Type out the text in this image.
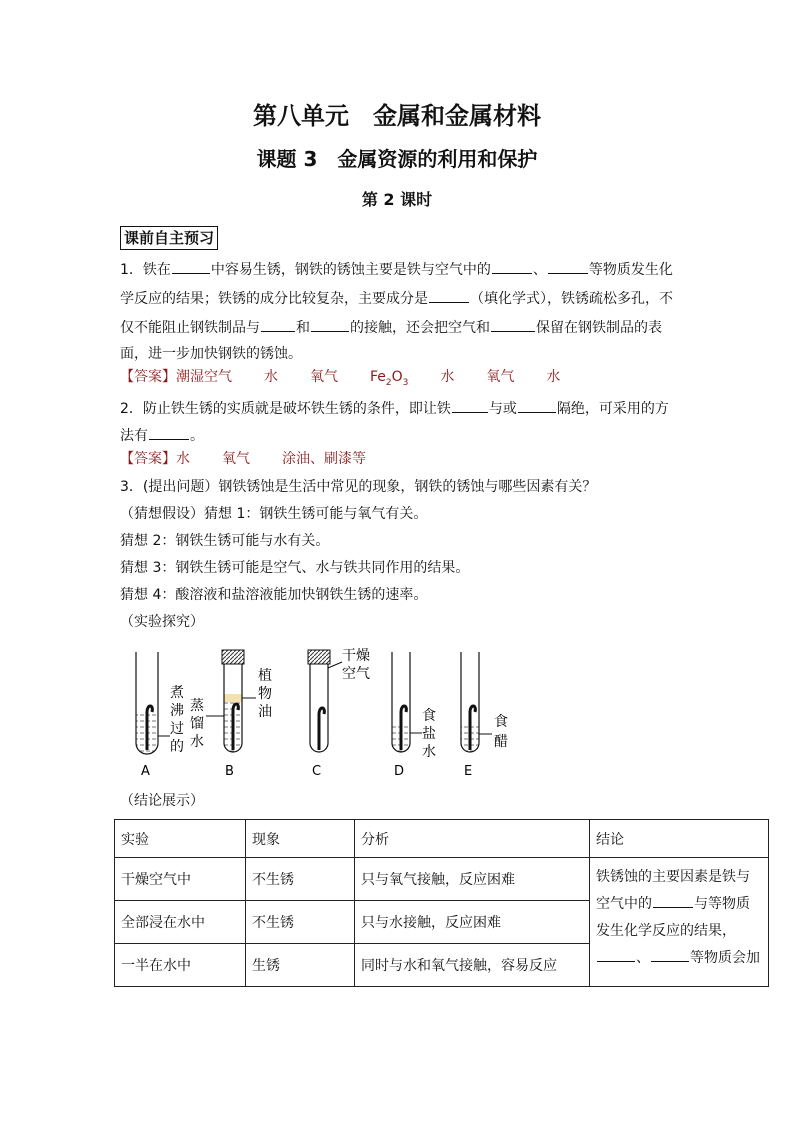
第八单元　金属和金属材料
课题 3　金属资源的利用和保护
第 2 课时
课前自主预习
1．铁在	中容易生锈，钢铁的锈蚀主要是铁与空气中的	、	等物质发生化
学反应的结果；铁锈的成分比较复杂，主要成分是	（填化学式），铁锈疏松多孔，不
仅不能阻止钢铁制品与	和	的接触，还会把空气和	保留在钢铁制品的表
面，进一步加快钢铁的锈蚀。
【答案】潮湿空气 水 氧气 $Fe_2O_3$ 水 氧气 水
2．防止铁生锈的实质就是破坏铁生锈的条件，即让铁	与或	隔绝，可采用的方
法有	。
【答案】水 氧气 涂油、刷漆等
3．(提出问题）钢铁锈蚀是生活中常见的现象，钢铁的锈蚀与哪些因素有关？
（猜想假设）猜想 1：钢铁生锈可能与氧气有关。
猜想 2：钢铁生锈可能与水有关。
猜想 3：钢铁生锈可能是空气、水与铁共同作用的结果。
猜想 4：酸溶液和盐溶液能加快钢铁生锈的速率。
（实验探究）
煮
沸
过
的
A
蒸
馏
水
植
物
油
B
干燥
空气
C
食
盐
水
D
食
醋
E
（结论展示）
实验	现象	分析	结论
干燥空气中	不生锈	只与氧气接触，反应困难	铁锈蚀的主要因素是铁与
空气中的 与等物质
发生化学反应的结果，
、 等物质会加

全部浸在水中	不生锈	只与水接触，反应困难	
一半在水中	生锈	同时与水和氧气接触，容易反应	
